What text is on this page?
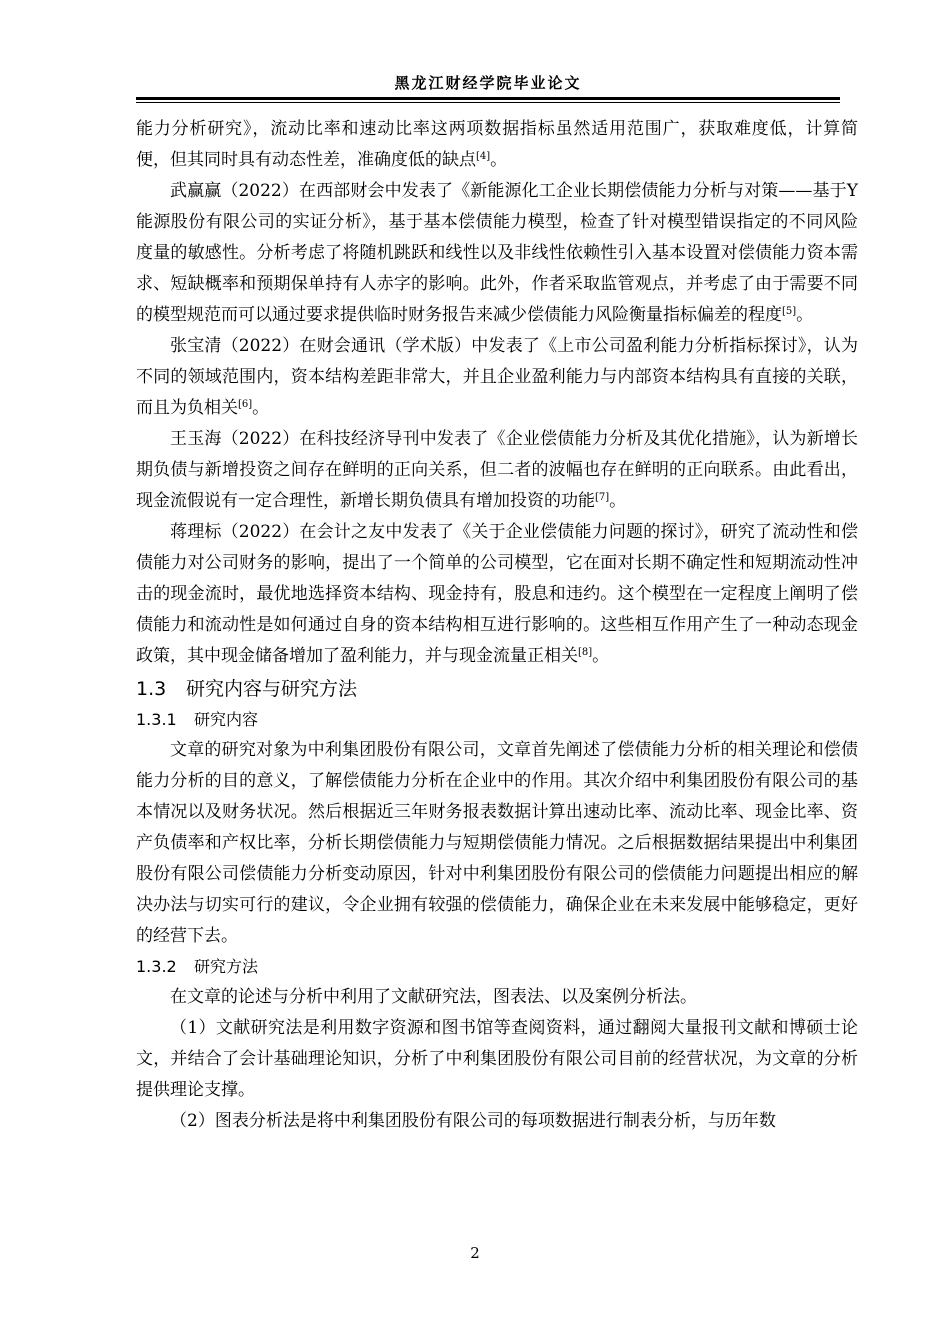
黑龙江财经学院毕业论文

能力分析研究》，流动比率和速动比率这两项数据指标虽然适用范围广，获取难度低，计算简便，但其同时具有动态性差，准确度低的缺点[4]。

武赢赢（2022）在西部财会中发表了《新能源化工企业长期偿债能力分析与对策——基于Y能源股份有限公司的实证分析》，基于基本偿债能力模型，检查了针对模型错误指定的不同风险度量的敏感性。分析考虑了将随机跳跃和线性以及非线性依赖性引入基本设置对偿债能力资本需求、短缺概率和预期保单持有人赤字的影响。此外，作者采取监管观点，并考虑了由于需要不同的模型规范而可以通过要求提供临时财务报告来减少偿债能力风险衡量指标偏差的程度[5]。

张宝清（2022）在财会通讯（学术版）中发表了《上市公司盈利能力分析指标探讨》，认为不同的领域范围内，资本结构差距非常大，并且企业盈利能力与内部资本结构具有直接的关联，而且为负相关[6]。

王玉海（2022）在科技经济导刊中发表了《企业偿债能力分析及其优化措施》，认为新增长期负债与新增投资之间存在鲜明的正向关系，但二者的波幅也存在鲜明的正向联系。由此看出，现金流假说有一定合理性，新增长期负债具有增加投资的功能[7]。

蒋理标（2022）在会计之友中发表了《关于企业偿债能力问题的探讨》，研究了流动性和偿债能力对公司财务的影响，提出了一个简单的公司模型，它在面对长期不确定性和短期流动性冲击的现金流时，最优地选择资本结构、现金持有，股息和违约。这个模型在一定程度上阐明了偿债能力和流动性是如何通过自身的资本结构相互进行影响的。这些相互作用产生了一种动态现金政策，其中现金储备增加了盈利能力，并与现金流量正相关[8]。

1.3 研究内容与研究方法
1.3.1 研究内容

文章的研究对象为中利集团股份有限公司，文章首先阐述了偿债能力分析的相关理论和偿债能力分析的目的意义，了解偿债能力分析在企业中的作用。其次介绍中利集团股份有限公司的基本情况以及财务状况。然后根据近三年财务报表数据计算出速动比率、流动比率、现金比率、资产负债率和产权比率，分析长期偿债能力与短期偿债能力情况。之后根据数据结果提出中利集团股份有限公司偿债能力分析变动原因，针对中利集团股份有限公司的偿债能力问题提出相应的解决办法与切实可行的建议，令企业拥有较强的偿债能力，确保企业在未来发展中能够稳定，更好的经营下去。

1.3.2 研究方法

在文章的论述与分析中利用了文献研究法，图表法、以及案例分析法。

（1）文献研究法是利用数字资源和图书馆等查阅资料，通过翻阅大量报刊文献和博硕士论文，并结合了会计基础理论知识，分析了中利集团股份有限公司目前的经营状况，为文章的分析提供理论支撑。

（2）图表分析法是将中利集团股份有限公司的每项数据进行制表分析，与历年数

2
